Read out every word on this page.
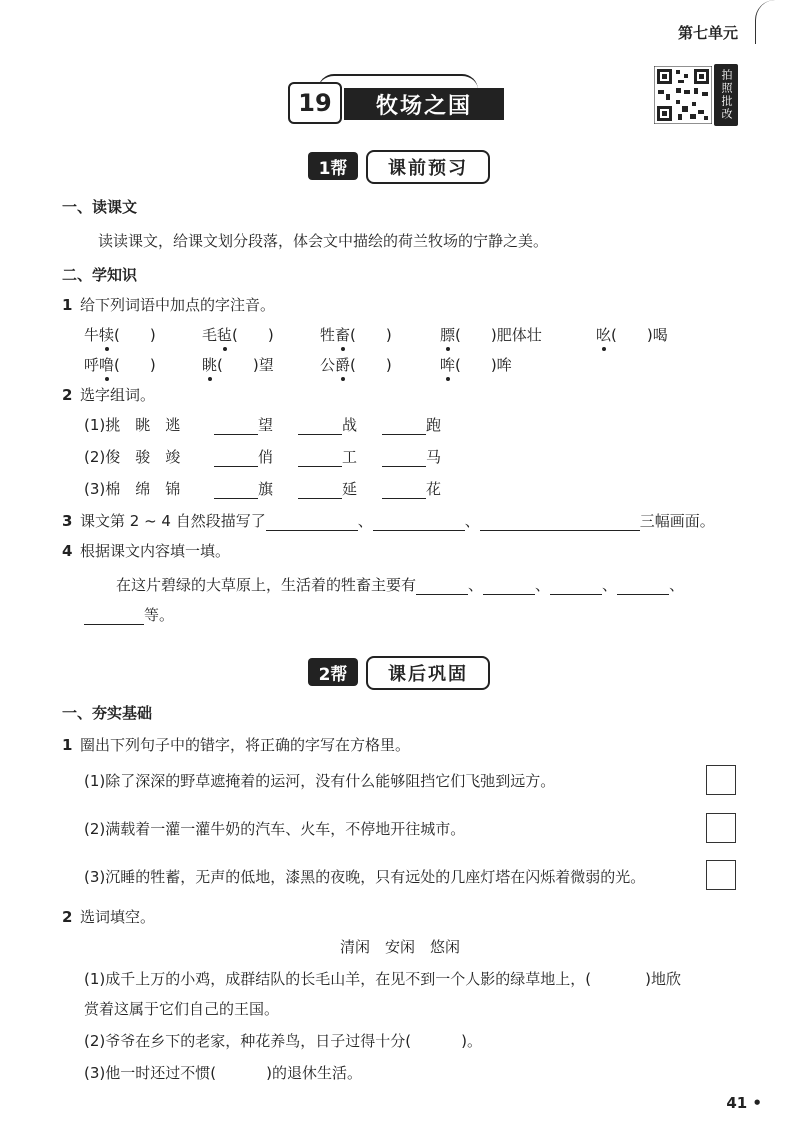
第七单元
19	牧场之国	拍照批改
1帮	课前预习
一、读课文
读读课文，给课文划分段落，体会文中描绘的荷兰牧场的宁静之美。
二、学知识
1 给下列词语中加点的字注音。
牛犊(　　)	毛毡(　　)	牲畜(　　)	膘(　　)肥体壮	吆(　　)喝
呼噜(　　)	眺(　　)望	公爵(　　)	哞(　　)哞
2 选字组词。
(1)挑　眺　逃	望	战	跑
(2)俊　骏　竣	俏	工	马
(3)棉　绵　锦	旗	延	花
3 课文第 2 ~ 4 自然段描写了	、	、	三幅画面。
4 根据课文内容填一填。
在这片碧绿的大草原上，生活着的牲畜主要有	、	、	、	、
等。
2帮	课后巩固
一、夯实基础
1 圈出下列句子中的错字，将正确的字写在方格里。
(1)除了深深的野草遮掩着的运河，没有什么能够阻挡它们飞弛到远方。
(2)满载着一灌一灌牛奶的汽车、火车，不停地开往城市。
(3)沉睡的牲蓄，无声的低地，漆黑的夜晚，只有远处的几座灯塔在闪烁着微弱的光。
2 选词填空。
清闲　安闲　悠闲
(1)成千上万的小鸡，成群结队的长毛山羊，在见不到一个人影的绿草地上，(	)地欣
赏着这属于它们自己的王国。
(2)爷爷在乡下的老家，种花养鸟，日子过得十分(	)。
(3)他一时还过不惯(	)的退休生活。
41 •
